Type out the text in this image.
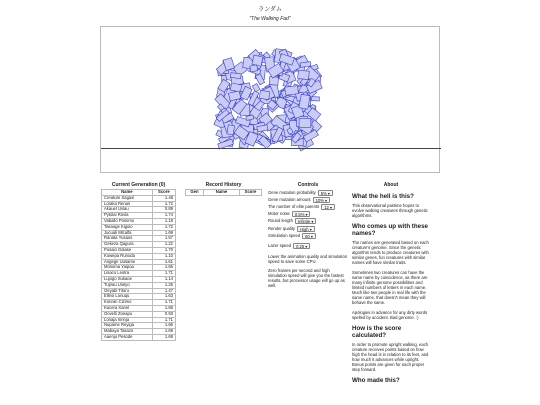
ランダム
"The Walking Fad"
Current Generation (0)	Record History	Controls	About
Name	Score
Creature Sagaxi	1.48
Loraka Renas	1.72
Akauel Uvlau	0.89
Pytolai Rovla	1.74
Vaballo Posomo	1.18
Tasaoge Kigoio	1.72
Jucuali Mlcalfa	1.69
Ranata Yusaos	1.57
Gekeza Qagura	1.22
Pusaio Galase	1.70
Kowepa Runoda	1.10
Aogege Uusame	1.61
Mosoma Yaipoa	1.65
Lisaco Leotra	1.71
Lujogo Sukaoe	1.14
Tujirau Uiotyo	1.25
Oeyabi Titoru	1.47
Elleoi Lonuqu	1.63
Konran Cizimo	1.71
Kacera Xanel	1.66
Oovelli Zoeapu	0.93
Lonaja Inrinja	1.71
Nupame Reyiga	1.66
Mabaya Tasazo	1.68
Aaenju Pesode	1.69
Gen	Name	Score	Gene mutation probability	5% ▾
Gene mutation amount	10% ▾
The number of elite parents	12 ▾
Motor noise	0.5% ▾
Round length	Infinite ▾
Render quality	High ▾
Simulation speed	60 ▾
Lazer speed	0.25 ▾

Lower the animation quality and simulation speed to save some CPU.

Zero frames per second and high simulation speed will give you the fastest results, but processor usage will go up as well.

What the hell is this?

This observational pastime hopes to evolve walking creatures through genetic algorithms.

Who comes up with these names?

The names are generated based on each creature's genome. Since the genetic algorithm tends to produce creatures with similar genes, fun creatures with similar names will have similar traits.

Sometimes two creatures can have the same name by coincidence, as there are many infinite genome possibilities and limited numbers of letters in each name. Much like two people in real life with the same name, that doesn't mean they will behave the same.

Apologies in advance for any dirty words spelled by accident. Bad genome. :)

How is the score calculated?

In order to promote upright walking, each creature receives points based on how high the head is in relation to its feet, and how much it advances while upright. Bonus points are given for each proper step forward.

Who made this?
